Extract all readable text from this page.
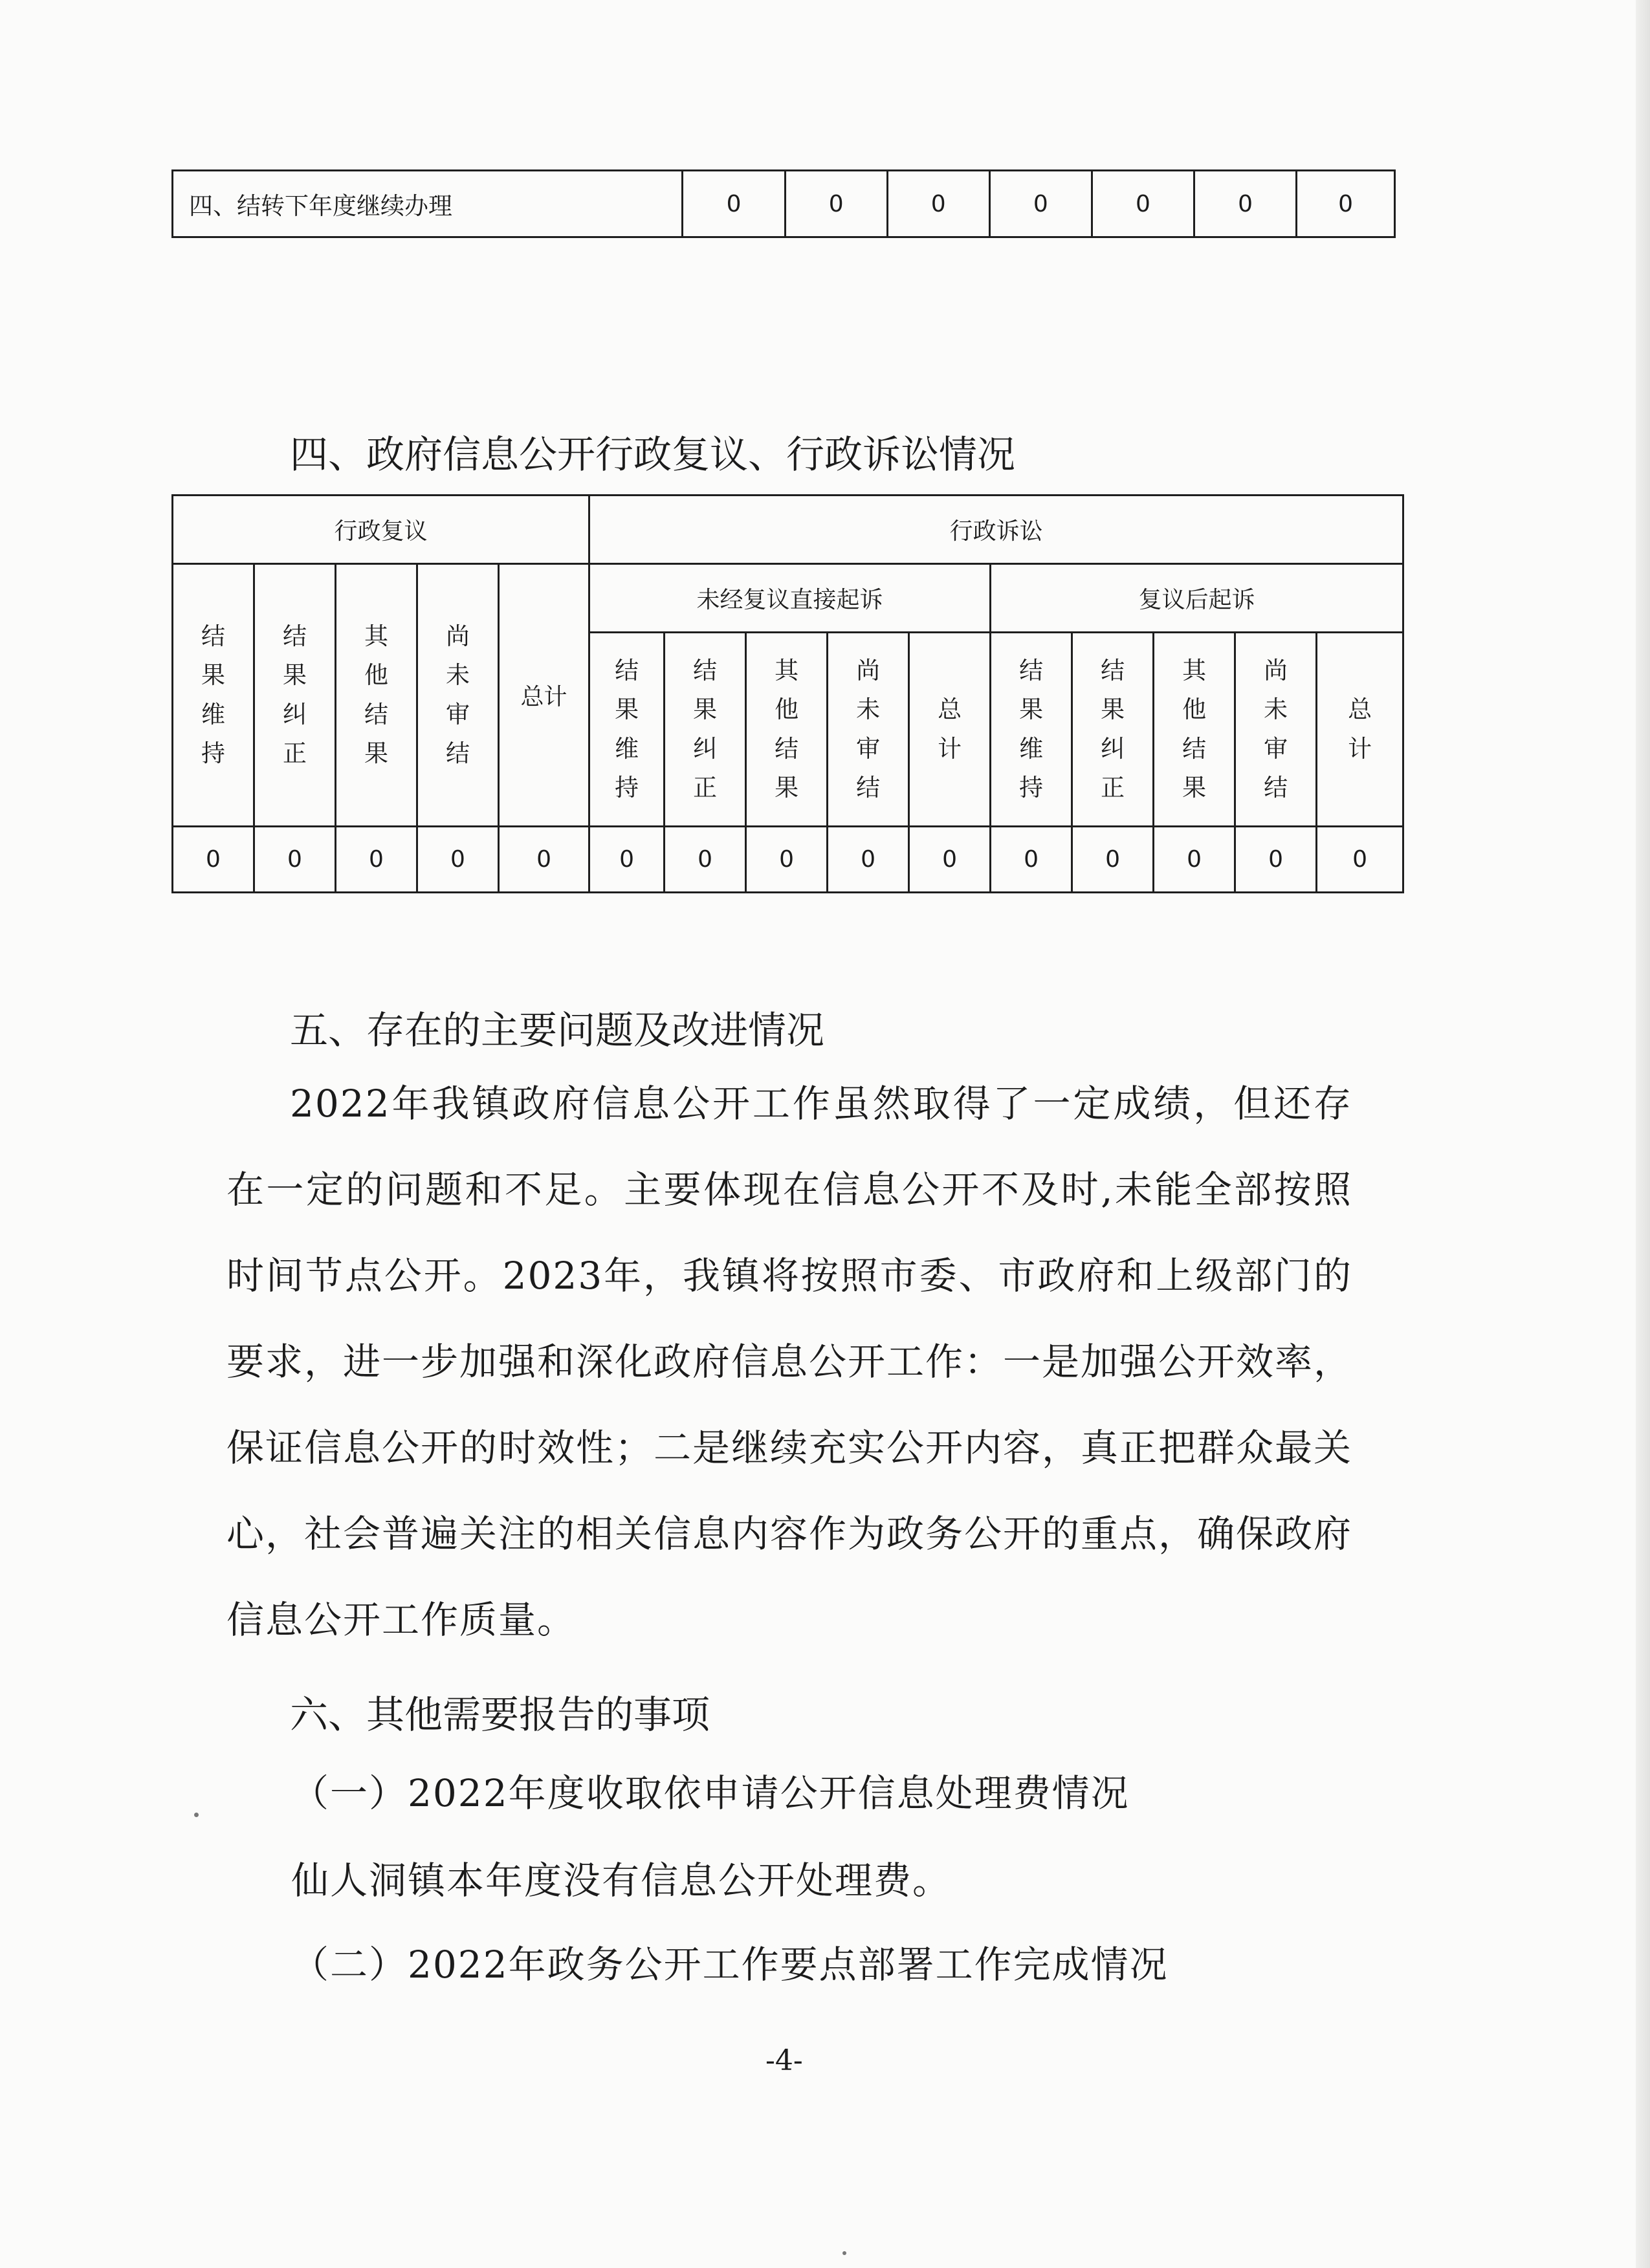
四、结转下年度继续办理	0	0	0	0	0	0	0
四、政府信息公开行政复议、行政诉讼情况
行政复议					行政诉讼									
结果维持	结果纠正	其他结果	尚未审结	总计	未经复议直接起诉					复议后起诉				
					结果维持	结果纠正	其他结果	尚未审结	总计	结果维持	结果纠正	其他结果	尚未审结	总计
0	0	0	0	0	0	0	0	0	0	0	0	0	0	0
五、存在的主要问题及改进情况
2022年我镇政府信息公开工作虽然取得了一定成绩，但还存在一定的问题和不足。主要体现在信息公开不及时,未能全部按照时间节点公开。2023年，我镇将按照市委、市政府和上级部门的要求，进一步加强和深化政府信息公开工作：一是加强公开效率，保证信息公开的时效性；二是继续充实公开内容，真正把群众最关心，社会普遍关注的相关信息内容作为政务公开的重点，确保政府信息公开工作质量。
六、其他需要报告的事项
（一）2022年度收取依申请公开信息处理费情况
仙人洞镇本年度没有信息公开处理费。
（二）2022年政务公开工作要点部署工作完成情况
-4-
